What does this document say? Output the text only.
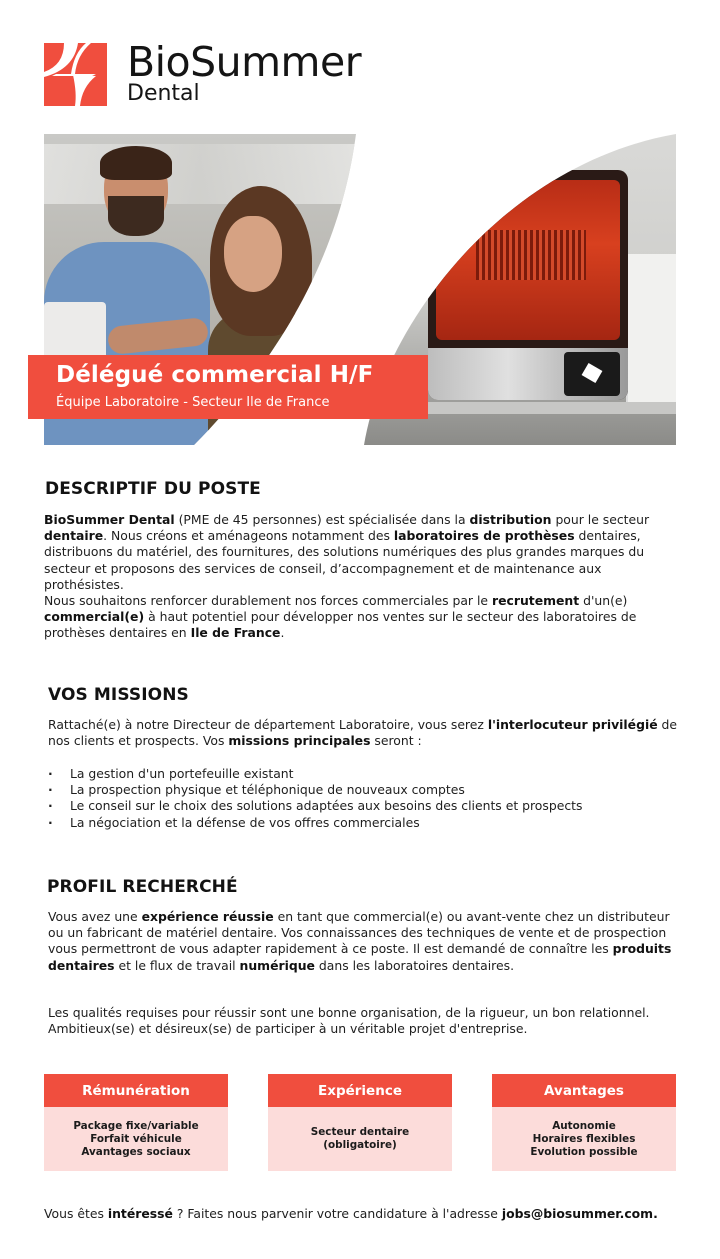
BioSummer
Dental
Délégué commercial H/F
Équipe Laboratoire - Secteur Ile de France
DESCRIPTIF DU POSTE
BioSummer Dental (PME de 45 personnes) est spécialisée dans la distribution pour le secteur dentaire. Nous créons et aménageons notamment des laboratoires de prothèses dentaires, distribuons du matériel, des fournitures, des solutions numériques des plus grandes marques du secteur et proposons des services de conseil, d’accompagnement et de maintenance aux prothésistes.
Nous souhaitons renforcer durablement nos forces commerciales par le recrutement d'un(e) commercial(e) à haut potentiel pour développer nos ventes sur le secteur des laboratoires de prothèses dentaires en Ile de France.
VOS MISSIONS
Rattaché(e) à notre Directeur de département Laboratoire, vous serez l'interlocuteur privilégié de nos clients et prospects. Vos missions principales seront :
· La gestion d'un portefeuille existant
· La prospection physique et téléphonique de nouveaux comptes
· Le conseil sur le choix des solutions adaptées aux besoins des clients et prospects
· La négociation et la défense de vos offres commerciales
PROFIL RECHERCHÉ
Vous avez une expérience réussie en tant que commercial(e) ou avant-vente chez un distributeur ou un fabricant de matériel dentaire. Vos connaissances des techniques de vente et de prospection vous permettront de vous adapter rapidement à ce poste. Il est demandé de connaître les produits dentaires et le flux de travail numérique dans les laboratoires dentaires.
Les qualités requises pour réussir sont une bonne organisation, de la rigueur, un bon relationnel. Ambitieux(se) et désireux(se) de participer à un véritable projet d'entreprise.
Rémunération
Package fixe/variable
Forfait véhicule
Avantages sociaux
Expérience
Secteur dentaire
(obligatoire)
Avantages
Autonomie
Horaires flexibles
Evolution possible
Vous êtes intéressé ? Faites nous parvenir votre candidature à l'adresse jobs@biosummer.com.
